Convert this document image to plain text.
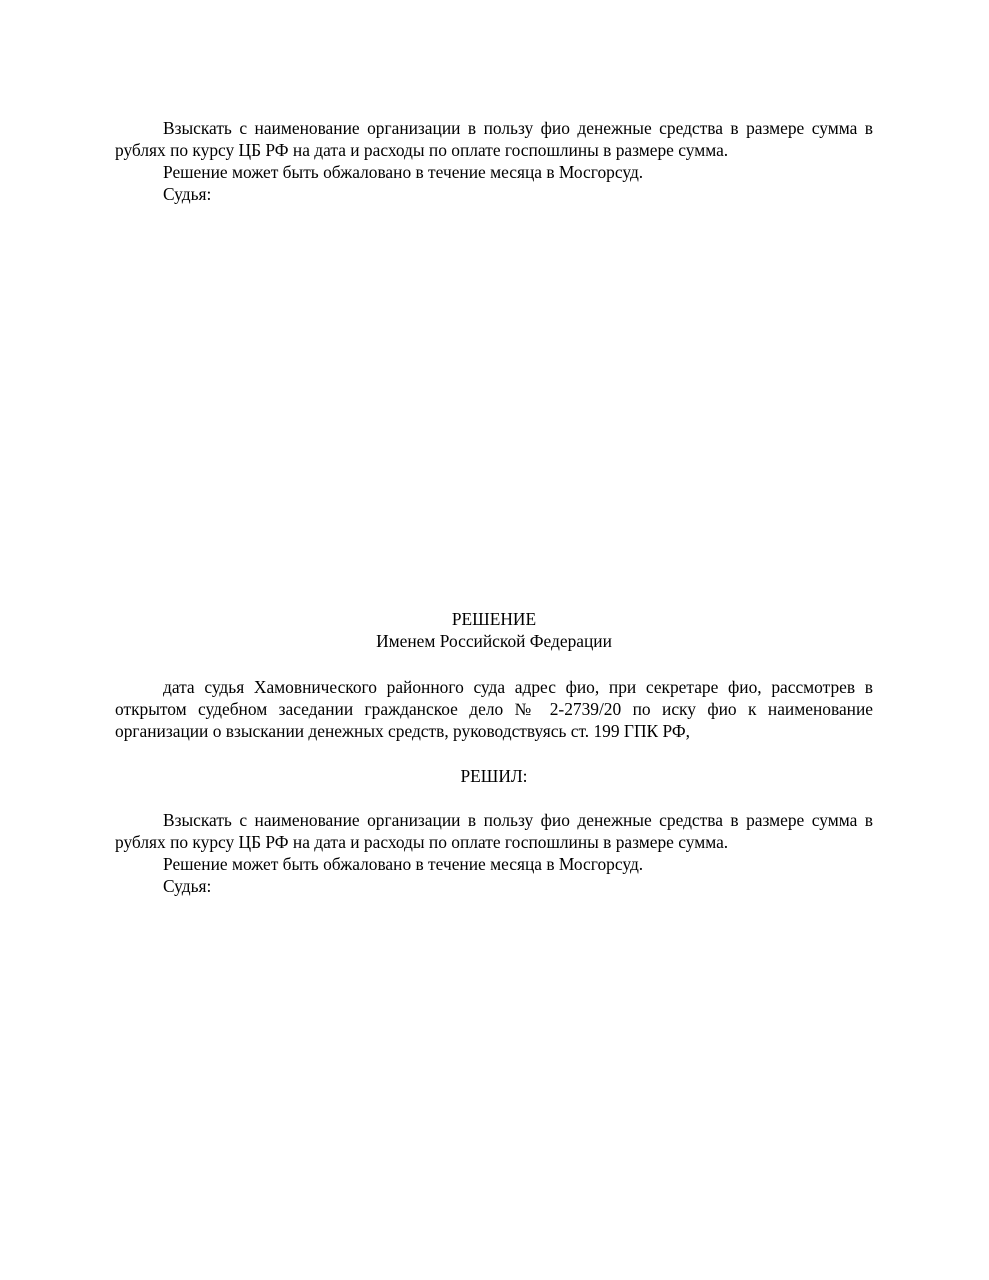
Взыскать с наименование организации в пользу фио денежные средства в размере сумма в рублях по курсу ЦБ РФ на дата и расходы по оплате госпошлины в размере сумма.

Решение может быть обжаловано в течение месяца в Мосгорсуд.

Судья:

РЕШЕНИЕ

Именем Российской Федерации

дата судья Хамовнического районного суда адрес фио, при секретаре фио, рассмотрев в открытом судебном заседании гражданское дело № 2-2739/20 по иску фио к наименование организации о взыскании денежных средств, руководствуясь ст. 199 ГПК РФ,

РЕШИЛ:

Взыскать с наименование организации в пользу фио денежные средства в размере сумма в рублях по курсу ЦБ РФ на дата и расходы по оплате госпошлины в размере сумма.

Решение может быть обжаловано в течение месяца в Мосгорсуд.

Судья:
